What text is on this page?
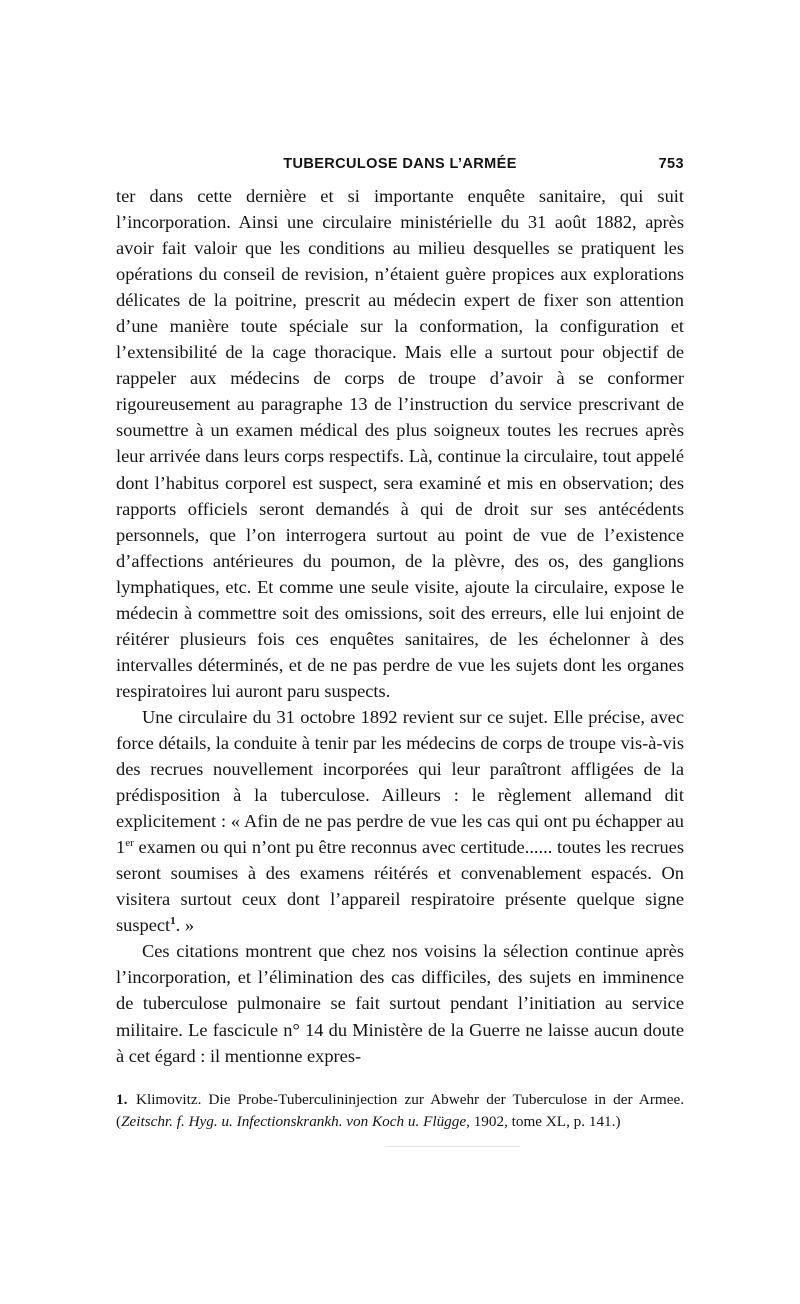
TUBERCULOSE DANS L’ARMÉE	753

ter dans cette dernière et si importante enquête sanitaire, qui suit l’incorporation. Ainsi une circulaire ministérielle du 31 août 1882, après avoir fait valoir que les conditions au milieu desquelles se pratiquent les opérations du conseil de revision, n’étaient guère propices aux explorations délicates de la poitrine, prescrit au médecin expert de fixer son attention d’une manière toute spéciale sur la conformation, la configuration et l’extensibilité de la cage thoracique. Mais elle a surtout pour objectif de rappeler aux médecins de corps de troupe d’avoir à se conformer rigoureusement au paragraphe 13 de l’instruction du service prescrivant de soumettre à un examen médical des plus soigneux toutes les recrues après leur arrivée dans leurs corps respectifs. Là, continue la circulaire, tout appelé dont l’habitus corporel est suspect, sera examiné et mis en observation; des rapports officiels seront demandés à qui de droit sur ses antécédents personnels, que l’on interrogera surtout au point de vue de l’existence d’affections antérieures du poumon, de la plèvre, des os, des ganglions lymphatiques, etc. Et comme une seule visite, ajoute la circulaire, expose le médecin à commettre soit des omissions, soit des erreurs, elle lui enjoint de réitérer plusieurs fois ces enquêtes sanitaires, de les échelonner à des intervalles déterminés, et de ne pas perdre de vue les sujets dont les organes respiratoires lui auront paru suspects.

Une circulaire du 31 octobre 1892 revient sur ce sujet. Elle précise, avec force détails, la conduite à tenir par les médecins de corps de troupe vis-à-vis des recrues nouvellement incorporées qui leur paraîtront affligées de la prédisposition à la tuberculose. Ailleurs : le règlement allemand dit explicitement : « Afin de ne pas perdre de vue les cas qui ont pu échapper au 1er examen ou qui n’ont pu être reconnus avec certitude...... toutes les recrues seront soumises à des examens réitérés et convenablement espacés. On visitera surtout ceux dont l’appareil respiratoire présente quelque signe suspect$^1$. »

Ces citations montrent que chez nos voisins la sélection continue après l’incorporation, et l’élimination des cas difficiles, des sujets en imminence de tuberculose pulmonaire se fait surtout pendant l’initiation au service militaire. Le fascicule n° 14 du Ministère de la Guerre ne laisse aucun doute à cet égard : il mentionne expres-

1. Klimovitz. Die Probe-Tuberculininjection zur Abwehr der Tuberculose in der Armee. (Zeitschr. f. Hyg. u. Infectionskrankh. von Koch u. Flügge, 1902, tome XL, p. 141.)
